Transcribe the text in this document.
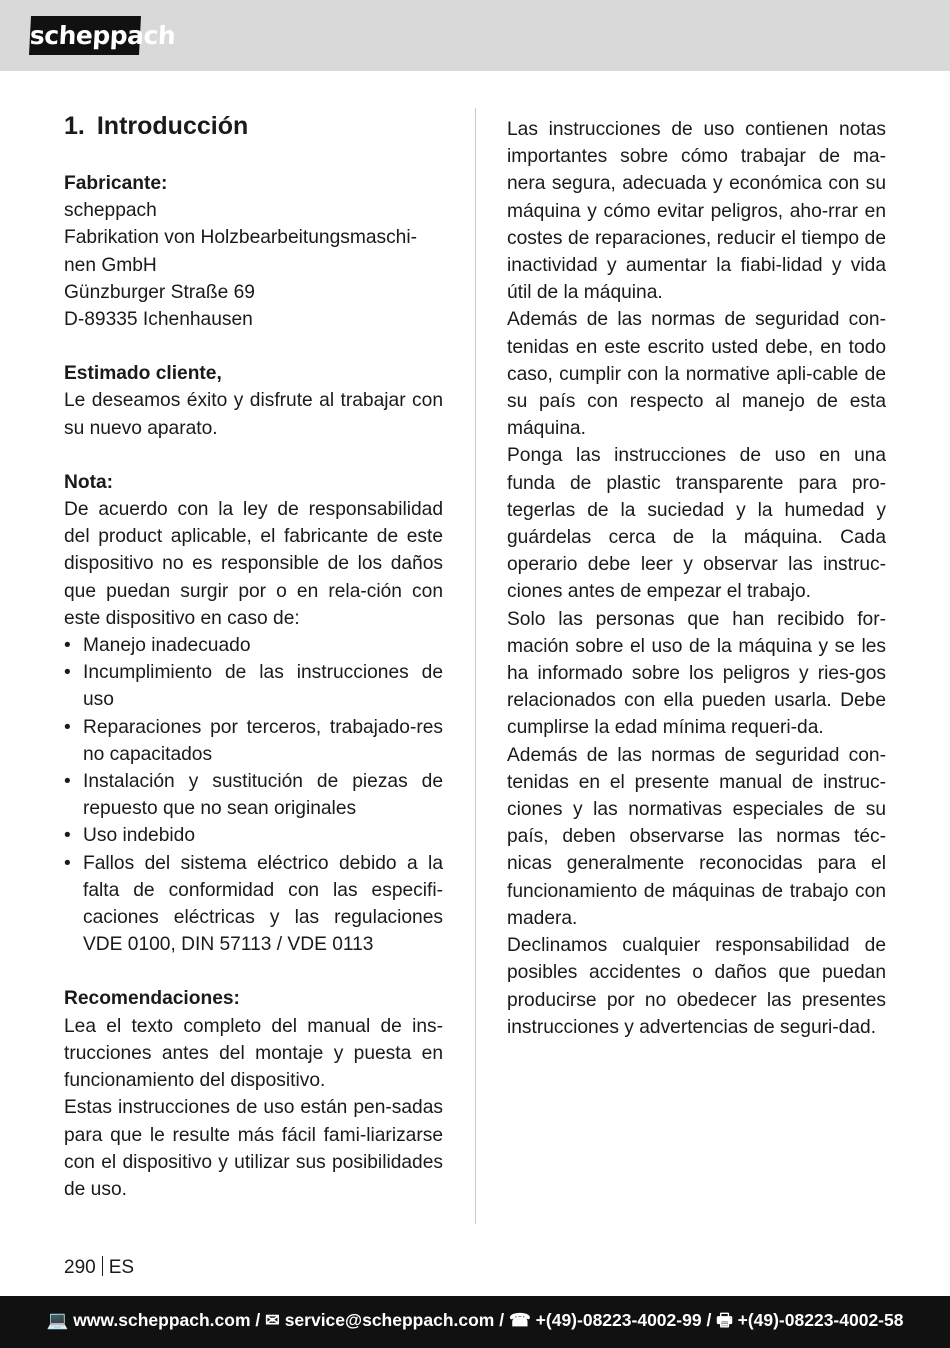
scheppach
1. Introducción
Fabricante:
scheppach
Fabrikation von Holzbearbeitungsmaschi-nen GmbH
Günzburger Straße 69
D-89335 Ichenhausen
Estimado cliente,

Le deseamos éxito y disfrute al trabajar con su nuevo aparato.

Nota:

De acuerdo con la ley de responsabilidad del product aplicable, el fabricante de este dispositivo no es responsible de los daños que puedan surgir por o en rela-ción con este dispositivo en caso de:

• Manejo inadecuado
• Incumplimiento de las instrucciones de uso
• Reparaciones por terceros, trabajado-res no capacitados
• Instalación y sustitución de piezas de repuesto que no sean originales
• Uso indebido
• Fallos del sistema eléctrico debido a la falta de conformidad con las especifi-caciones eléctricas y las regulaciones VDE 0100, DIN 57113 / VDE 0113
Recomendaciones:

Lea el texto completo del manual de ins-trucciones antes del montaje y puesta en funcionamiento del dispositivo.

Estas instrucciones de uso están pen-sadas para que le resulte más fácil fami-liarizarse con el dispositivo y utilizar sus posibilidades de uso.

Las instrucciones de uso contienen notas importantes sobre cómo trabajar de ma-nera segura, adecuada y económica con su máquina y cómo evitar peligros, aho-rrar en costes de reparaciones, reducir el tiempo de inactividad y aumentar la fiabi-lidad y vida útil de la máquina.

Además de las normas de seguridad con-tenidas en este escrito usted debe, en todo caso, cumplir con la normative apli-cable de su país con respecto al manejo de esta máquina.

Ponga las instrucciones de uso en una funda de plastic transparente para pro-tegerlas de la suciedad y la humedad y guárdelas cerca de la máquina. Cada operario debe leer y observar las instruc-ciones antes de empezar el trabajo.

Solo las personas que han recibido for-mación sobre el uso de la máquina y se les ha informado sobre los peligros y ries-gos relacionados con ella pueden usarla. Debe cumplirse la edad mínima requeri-da.

Además de las normas de seguridad con-tenidas en el presente manual de instruc-ciones y las normativas especiales de su país, deben observarse las normas téc-nicas generalmente reconocidas para el funcionamiento de máquinas de trabajo con madera.

Declinamos cualquier responsabilidad de posibles accidentes o daños que puedan producirse por no obedecer las presentes instrucciones y advertencias de seguri-dad.

290 ES
💻 www.scheppach.com / ✉ service@scheppach.com / ☎ +(49)-08223-4002-99 / 🖶 +(49)-08223-4002-58
